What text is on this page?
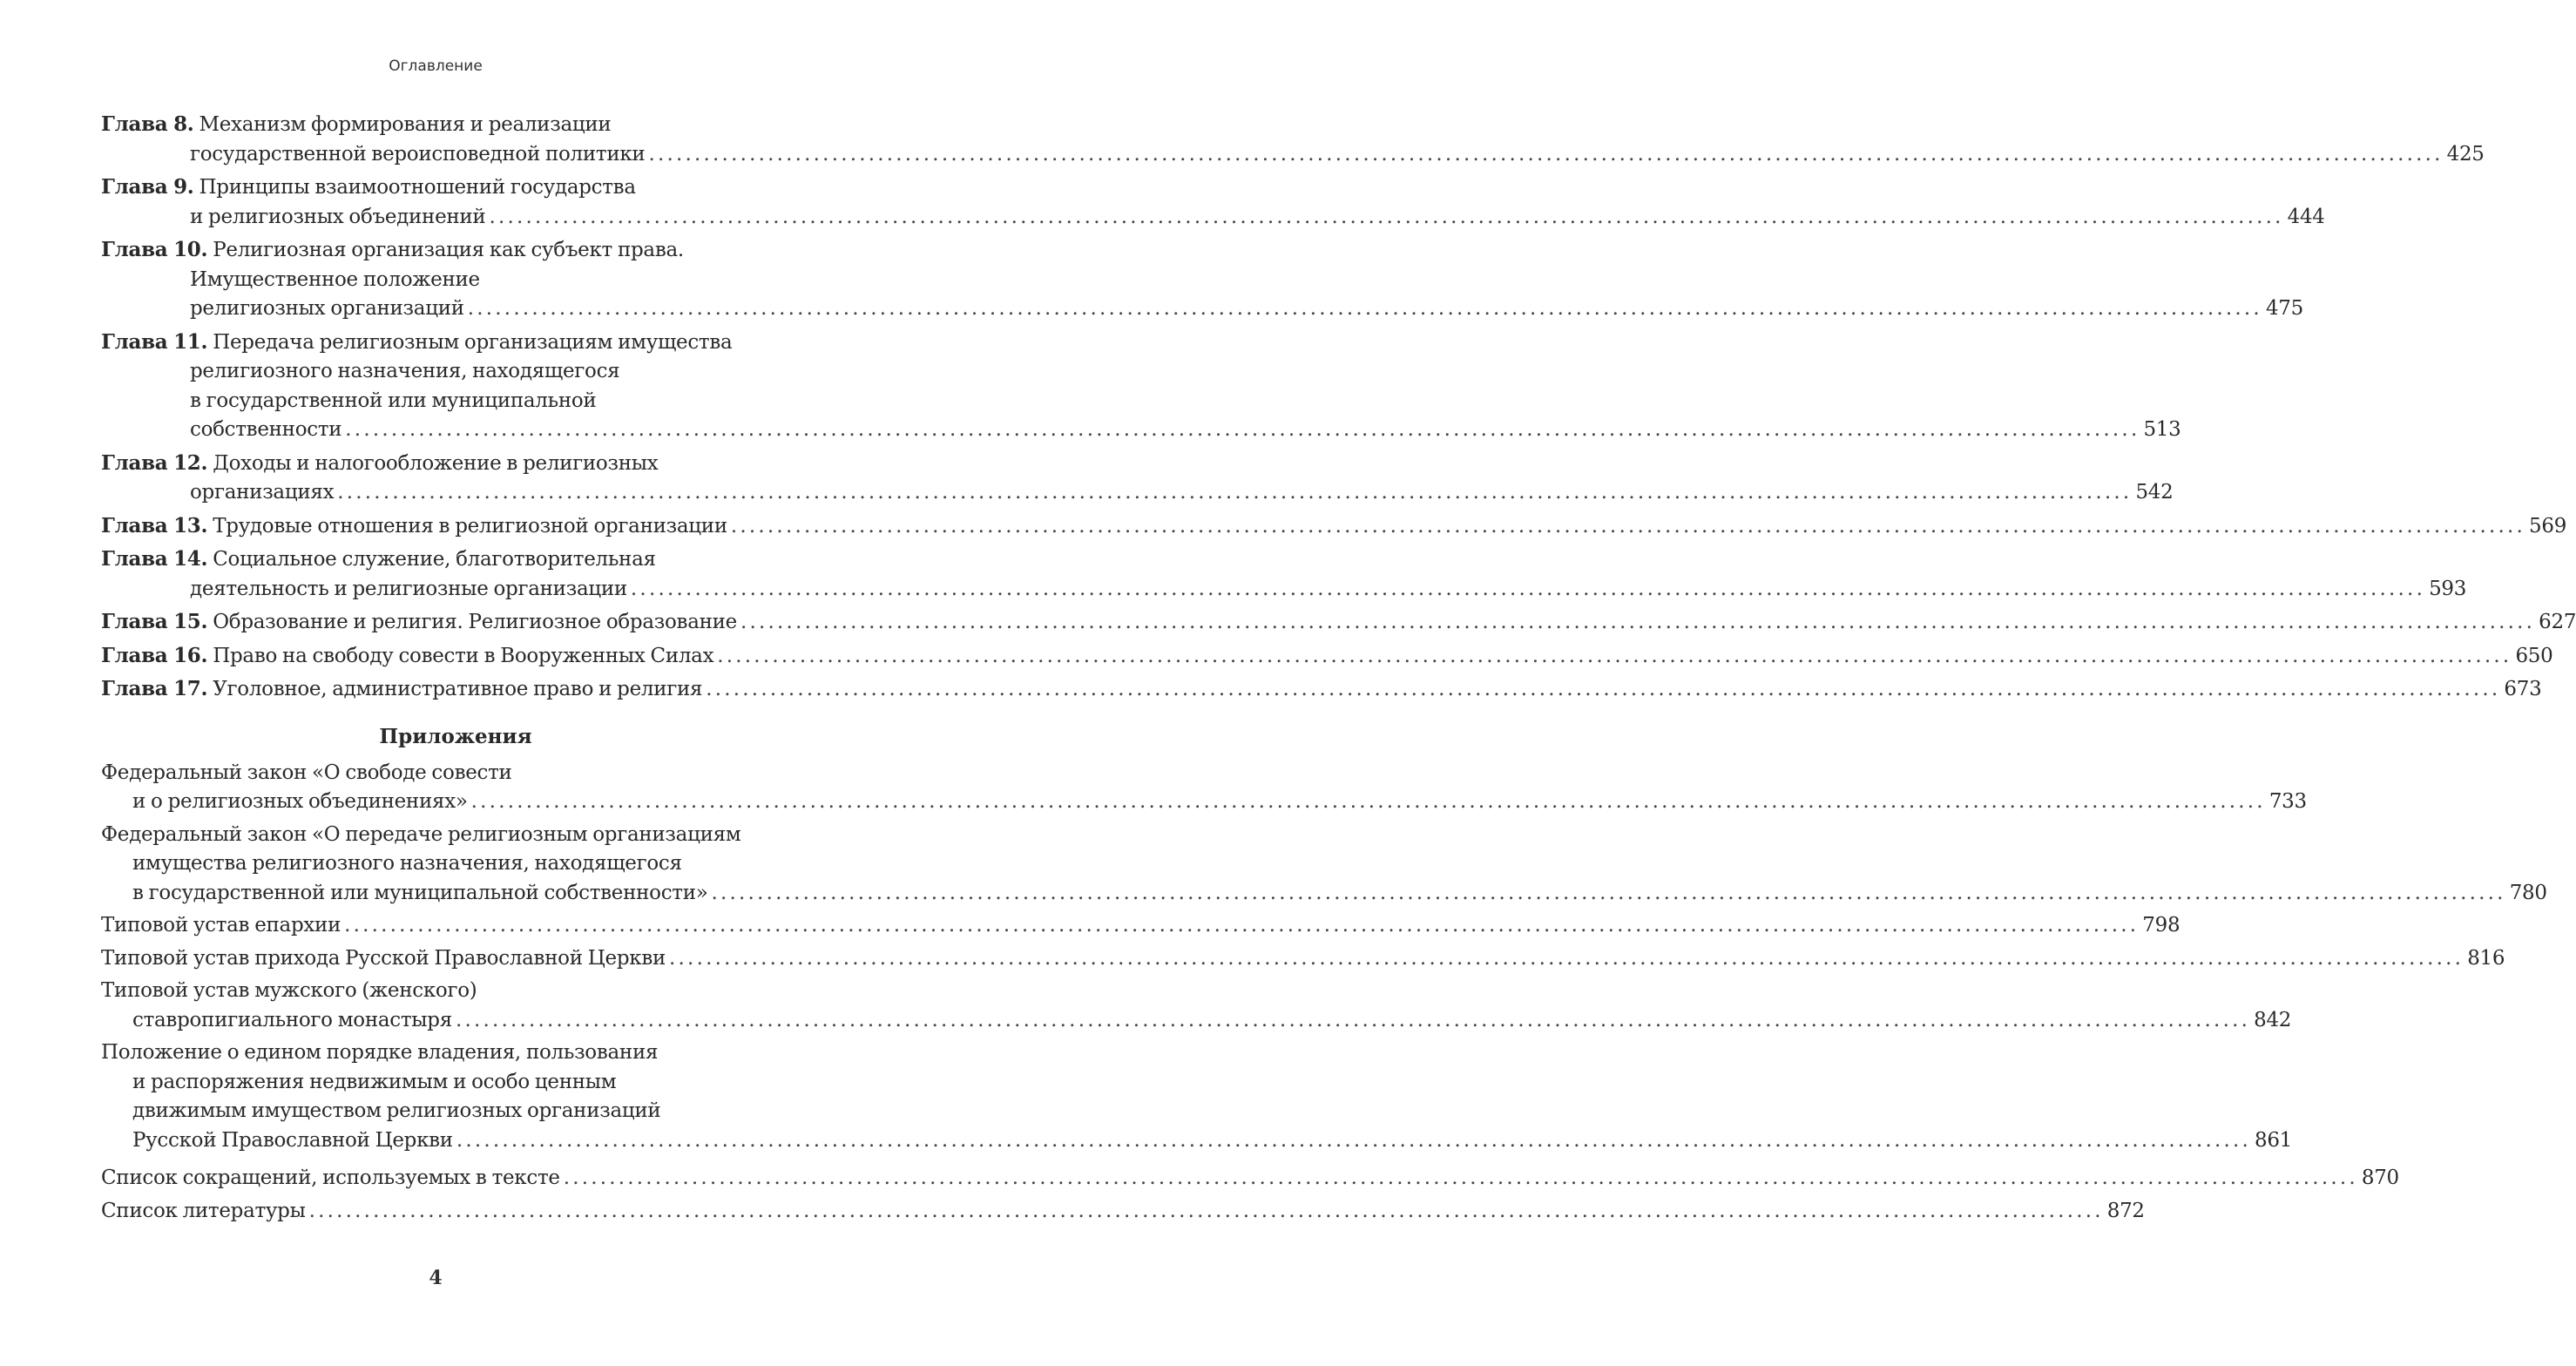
Оглавление
Глава 8. Механизм формирования и реализации
государственной вероисповедной политики .....	425
Глава 9. Принципы взаимоотношений государства
и религиозных объединений .....	444
Глава 10. Религиозная организация как субъект права.
Имущественное положение
религиозных организаций .....	475
Глава 11. Передача религиозным организациям имущества
религиозного назначения, находящегося
в государственной или муниципальной
собственности .....	513
Глава 12. Доходы и налогообложение в религиозных
организациях .....	542
Глава 13. Трудовые отношения в религиозной организации .....	569
Глава 14. Социальное служение, благотворительная
деятельность и религиозные организации .....	593
Глава 15. Образование и религия. Религиозное образование .....	627
Глава 16. Право на свободу совести в Вооруженных Силах .....	650
Глава 17. Уголовное, административное право и религия .....	673
Приложения
Федеральный закон «О свободе совести
и о религиозных объединениях» .....	733
Федеральный закон «О передаче религиозным организациям
имущества религиозного назначения, находящегося
в государственной или муниципальной собственности» .....	780
Типовой устав епархии .....	798
Типовой устав прихода Русской Православной Церкви .....	816
Типовой устав мужского (женского)
ставропигиального монастыря .....	842
Положение о едином порядке владения, пользования
и распоряжения недвижимым и особо ценным
движимым имуществом религиозных организаций
Русской Православной Церкви .....	861
Список сокращений, используемых в тексте .....	870
Список литературы .....	872
4
